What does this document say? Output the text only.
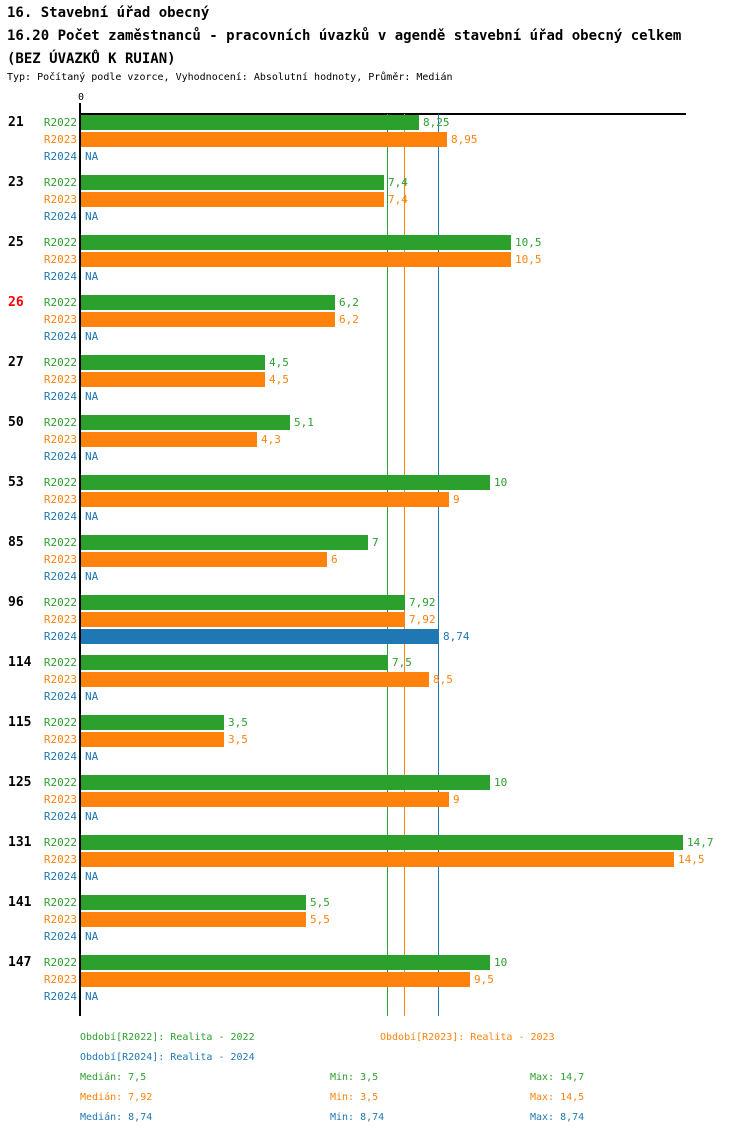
16. Stavební úřad obecný
16.20 Počet zaměstnanců - pracovních úvazků v agendě stavební úřad obecný celkem
(BEZ ÚVAZKŮ K RUIAN)
Typ: Počítaný podle vzorce, Vyhodnocení: Absolutní hodnoty, Průměr: Medián
0
21	R2022	8,25
R2023	8,95
R2024 NA
23	R2022	7,4
R2023	7,4
R2024 NA
25	R2022	10,5
R2023	10,5
R2024 NA
26	R2022	6,2
R2023	6,2
R2024 NA
27	R2022	4,5
R2023	4,5
R2024 NA
50	R2022	5,1
R2023	4,3
R2024 NA
53	R2022	10
R2023	9
R2024 NA
85	R2022	7
R2023	6
R2024 NA
96	R2022	7,92
R2023	7,92
R2024	8,74
114	R2022	7,5
R2023	8,5
R2024 NA
115	R2022	3,5
R2023	3,5
R2024 NA
125	R2022	10
R2023	9
R2024 NA
131	R2022	14,7
R2023	14,5
R2024 NA
141	R2022	5,5
R2023	5,5
R2024 NA
147	R2022	10
R2023	9,5
R2024 NA
Období[R2022]: Realita - 2022	Období[R2023]: Realita - 2023
Období[R2024]: Realita - 2024
Medián: 7,5	Min: 3,5	Max: 14,7
Medián: 7,92	Min: 3,5	Max: 14,5
Medián: 8,74	Min: 8,74	Max: 8,74
